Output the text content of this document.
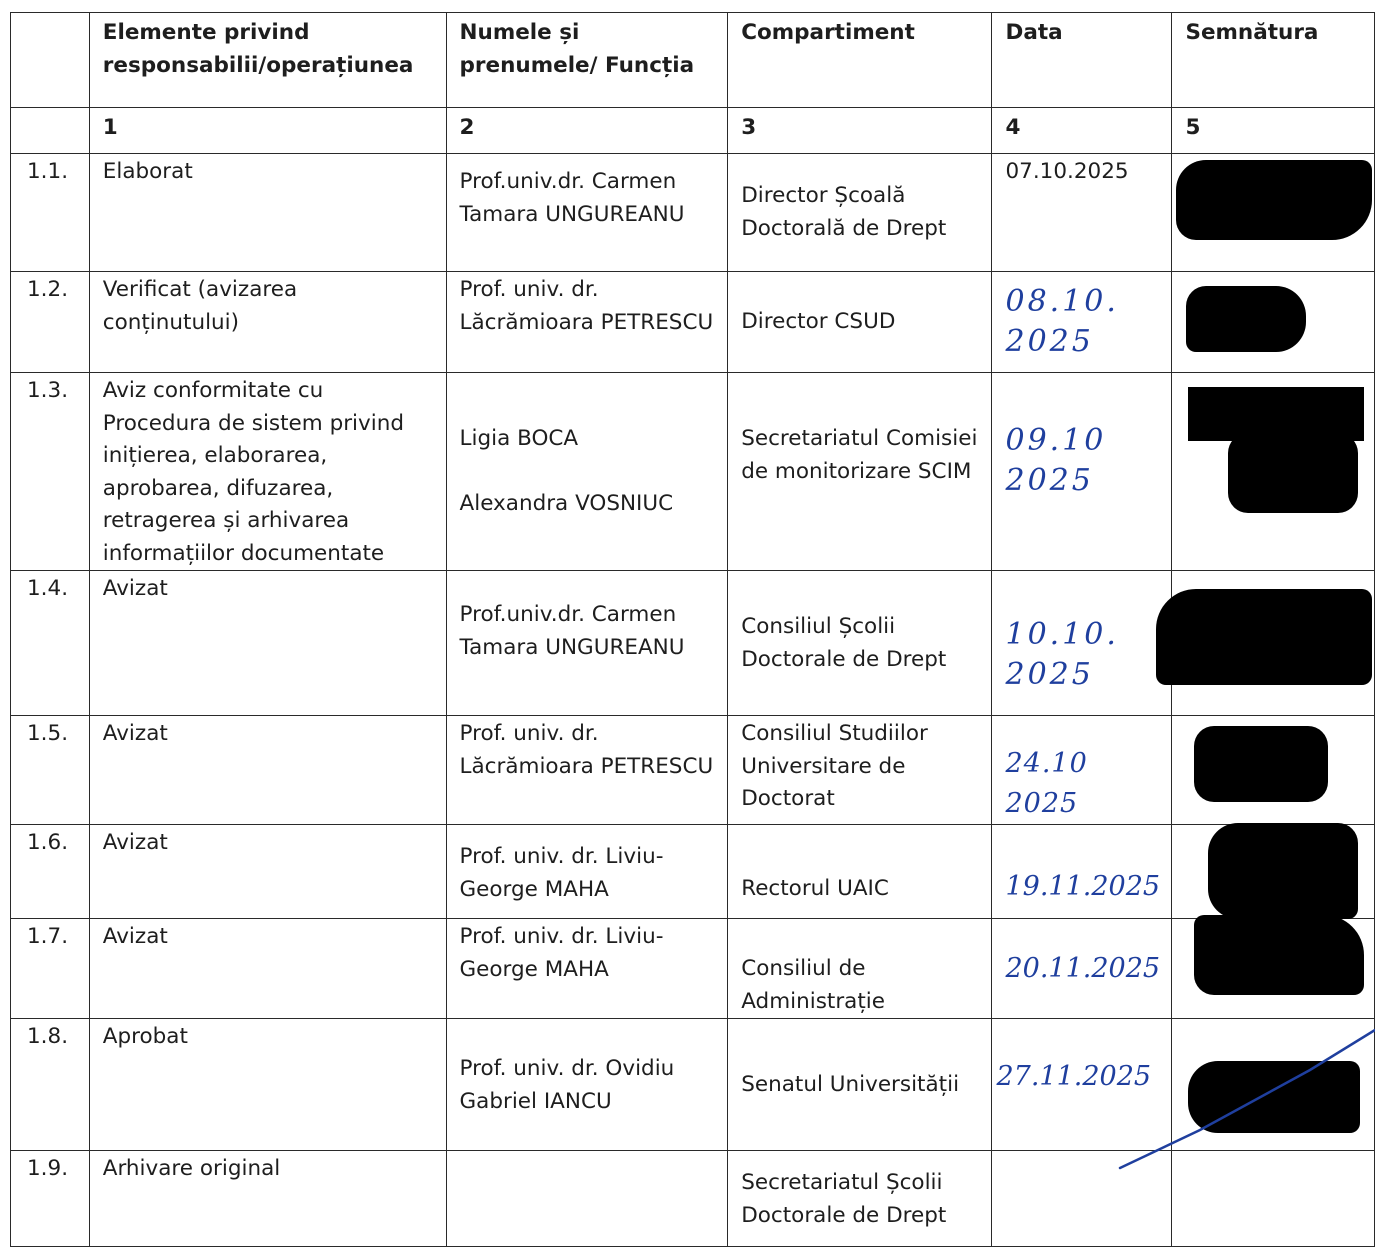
	Elemente privind responsabilii/operațiunea	Numele și prenumele/ Funcția	Compartiment	Data	Semnătura
	1	2	3	4	5
1.1.	Elaborat	Prof.univ.dr. Carmen Tamara UNGUREANU	Director Școală Doctorală de Drept	07.10.2025	

1.2.	Verificat (avizarea conținutului)	Prof. univ. dr. Lăcrămioara PETRESCU	Director CSUD	08.10. 2025	

1.3.	Aviz conformitate cu Procedura de sistem privind inițierea, elaborarea, aprobarea, difuzarea, retragerea și arhivarea informațiilor documentate	Ligia BOCA
Alexandra VOSNIUC	Secretariatul Comisiei de monitorizare SCIM	09.10 2025	

1.4.	Avizat	Prof.univ.dr. Carmen Tamara UNGUREANU	Consiliul Școlii Doctorale de Drept	10.10. 2025	

1.5.	Avizat	Prof. univ. dr. Lăcrămioara PETRESCU	Consiliul Studiilor Universitare de Doctorat	24.10 2025	

1.6.	Avizat	Prof. univ. dr. Liviu-George MAHA	Rectorul UAIC	19.11.2025	

1.7.	Avizat	Prof. univ. dr. Liviu-George MAHA	Consiliul de Administrație	20.11.2025	

1.8.	Aprobat	Prof. univ. dr. Ovidiu Gabriel IANCU	Senatul Universității	27.11.2025	

1.9.	Arhivare original		Secretariatul Școlii Doctorale de Drept		
